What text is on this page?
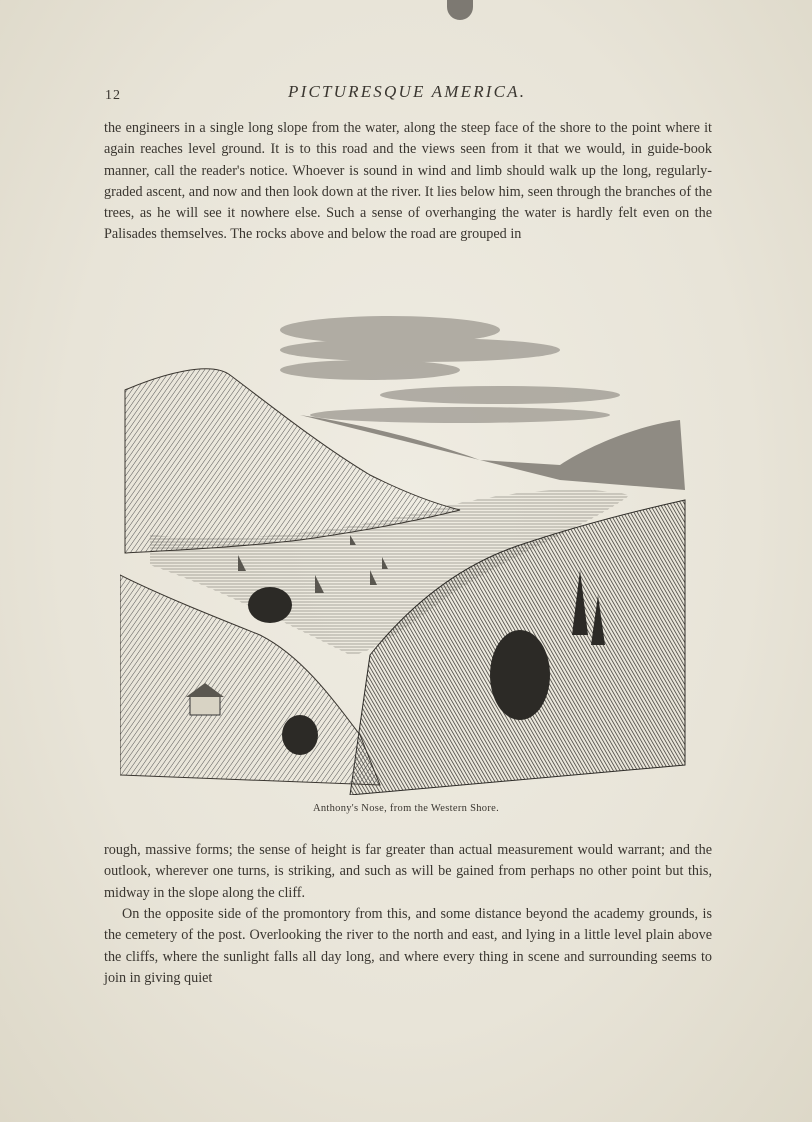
12	PICTURESQUE AMERICA.

the engineers in a single long slope from the water, along the steep face of the shore to the point where it again reaches level ground. It is to this road and the views seen from it that we would, in guide-book manner, call the reader's notice. Whoever is sound in wind and limb should walk up the long, regularly-graded ascent, and now and then look down at the river. It lies below him, seen through the branches of the trees, as he will see it nowhere else. Such a sense of overhanging the water is hardly felt even on the Palisades themselves. The rocks above and below the road are grouped in

Anthony's Nose, from the Western Shore.

rough, massive forms; the sense of height is far greater than actual measurement would warrant; and the outlook, wherever one turns, is striking, and such as will be gained from perhaps no other point but this, midway in the slope along the cliff.

On the opposite side of the promontory from this, and some distance beyond the academy grounds, is the cemetery of the post. Overlooking the river to the north and east, and lying in a little level plain above the cliffs, where the sunlight falls all day long, and where every thing in scene and surrounding seems to join in giving quiet
